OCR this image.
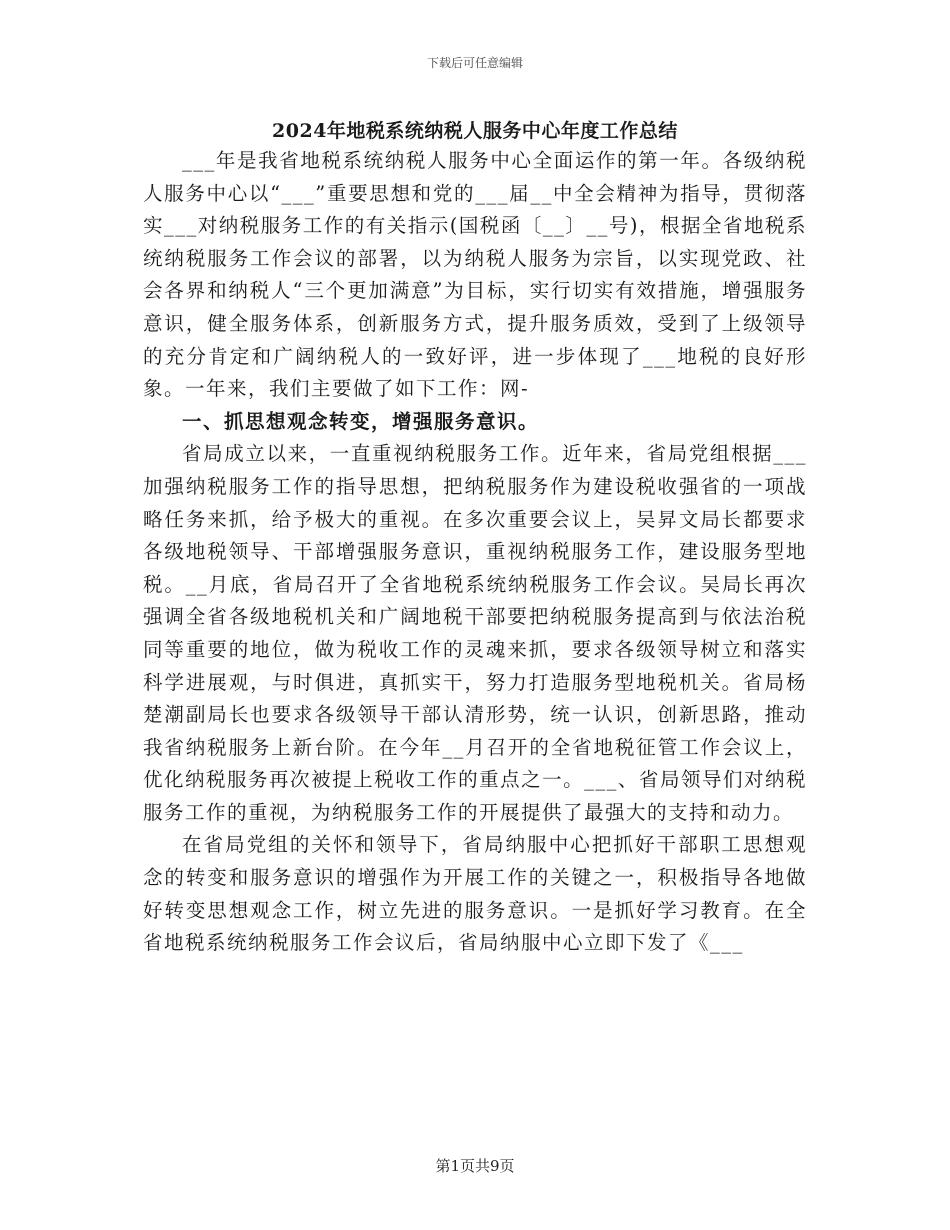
下载后可任意编辑
2024年地税系统纳税人服务中心年度工作总结

___年是我省地税系统纳税人服务中心全面运作的第一年。各级纳税人服务中心以“___”重要思想和党的___届__中全会精神为指导，贯彻落实___对纳税服务工作的有关指示(国税函〔__〕__号)，根据全省地税系统纳税服务工作会议的部署，以为纳税人服务为宗旨，以实现党政、社会各界和纳税人“三个更加满意”为目标，实行切实有效措施，增强服务意识，健全服务体系，创新服务方式，提升服务质效，受到了上级领导的充分肯定和广阔纳税人的一致好评，进一步体现了___地税的良好形象。一年来，我们主要做了如下工作：网-

一、抓思想观念转变，增强服务意识。

省局成立以来，一直重视纳税服务工作。近年来，省局党组根据___加强纳税服务工作的指导思想，把纳税服务作为建设税收强省的一项战略任务来抓，给予极大的重视。在多次重要会议上，吴昇文局长都要求各级地税领导、干部增强服务意识，重视纳税服务工作，建设服务型地税。__月底，省局召开了全省地税系统纳税服务工作会议。吴局长再次强调全省各级地税机关和广阔地税干部要把纳税服务提高到与依法治税同等重要的地位，做为税收工作的灵魂来抓，要求各级领导树立和落实科学进展观，与时俱进，真抓实干，努力打造服务型地税机关。省局杨楚潮副局长也要求各级领导干部认清形势，统一认识，创新思路，推动我省纳税服务上新台阶。在今年__月召开的全省地税征管工作会议上，优化纳税服务再次被提上税收工作的重点之一。___、省局领导们对纳税服务工作的重视，为纳税服务工作的开展提供了最强大的支持和动力。

在省局党组的关怀和领导下，省局纳服中心把抓好干部职工思想观念的转变和服务意识的增强作为开展工作的关键之一，积极指导各地做好转变思想观念工作，树立先进的服务意识。一是抓好学习教育。在全省地税系统纳税服务工作会议后，省局纳服中心立即下发了《___

第1页共9页
